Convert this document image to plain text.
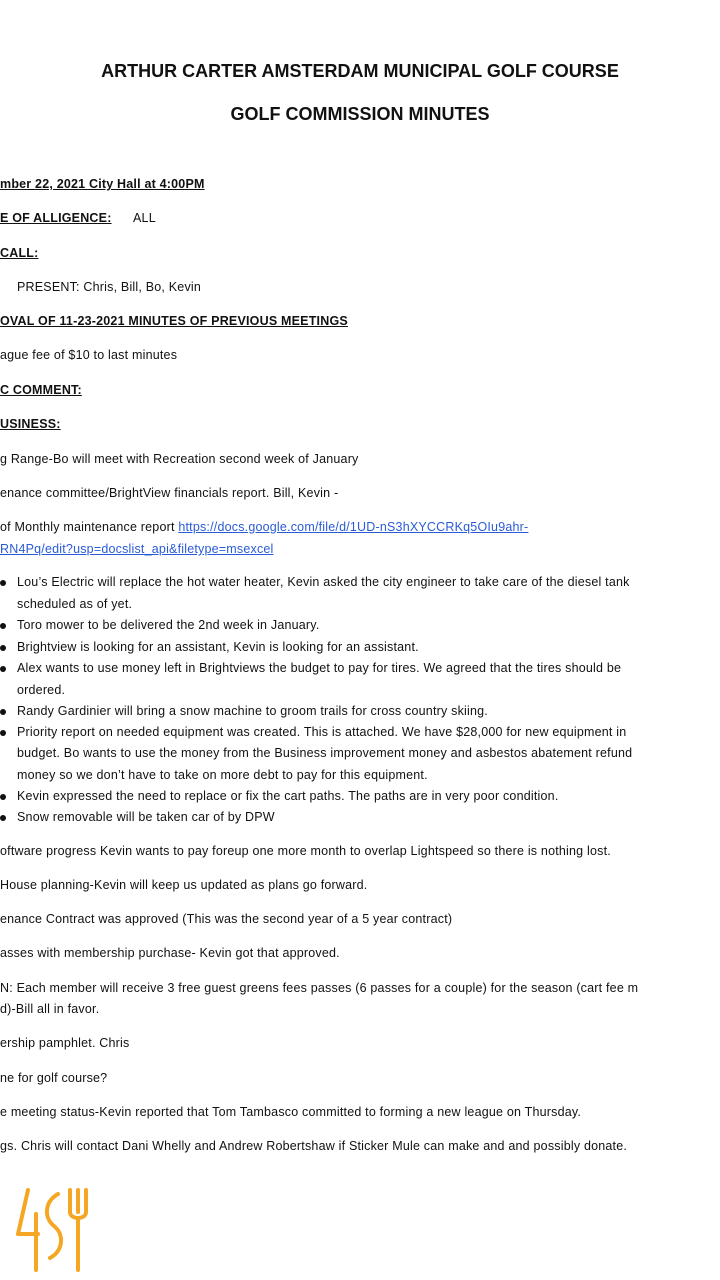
ARTHUR CARTER AMSTERDAM MUNICIPAL GOLF COURSE
GOLF COMMISSION MINUTES
mber 22, 2021 City Hall at 4:00PM
E OF ALLIGENCE: ALL
CALL:
PRESENT: Chris, Bill, Bo, Kevin
OVAL OF 11-23-2021 MINUTES OF PREVIOUS MEETINGS
ague fee of $10 to last minutes
C COMMENT:
USINESS:
g Range-Bo will meet with Recreation second week of January
enance committee/BrightView financials report. Bill, Kevin -
of Monthly maintenance report https://docs.google.com/file/d/1UD-nS3hXYCCRKq5OIu9ahr-
RN4Pq/edit?usp=docslist_api&filetype=msexcel
Lou’s Electric will replace the hot water heater, Kevin asked the city engineer to take care of the diesel tank
scheduled as of yet.
Toro mower to be delivered the 2nd week in January.
Brightview is looking for an assistant, Kevin is looking for an assistant.
Alex wants to use money left in Brightviews the budget to pay for tires. We agreed that the tires should be
ordered.
Randy Gardinier will bring a snow machine to groom trails for cross country skiing.
Priority report on needed equipment was created. This is attached. We have $28,000 for new equipment in
budget. Bo wants to use the money from the Business improvement money and asbestos abatement refund
money so we don’t have to take on more debt to pay for this equipment.
Kevin expressed the need to replace or fix the cart paths. The paths are in very poor condition.
Snow removable will be taken car of by DPW
oftware progress Kevin wants to pay foreup one more month to overlap Lightspeed so there is nothing lost.
House planning-Kevin will keep us updated as plans go forward.
enance Contract was approved (This was the second year of a 5 year contract)
asses with membership purchase- Kevin got that approved.
N: Each member will receive 3 free guest greens fees passes (6 passes for a couple) for the season (cart fee m
d)-Bill all in favor.
ership pamphlet. Chris
ne for golf course?
e meeting status-Kevin reported that Tom Tambasco committed to forming a new league on Thursday.
gs. Chris will contact Dani Whelly and Andrew Robertshaw if Sticker Mule can make and and possibly donate.
